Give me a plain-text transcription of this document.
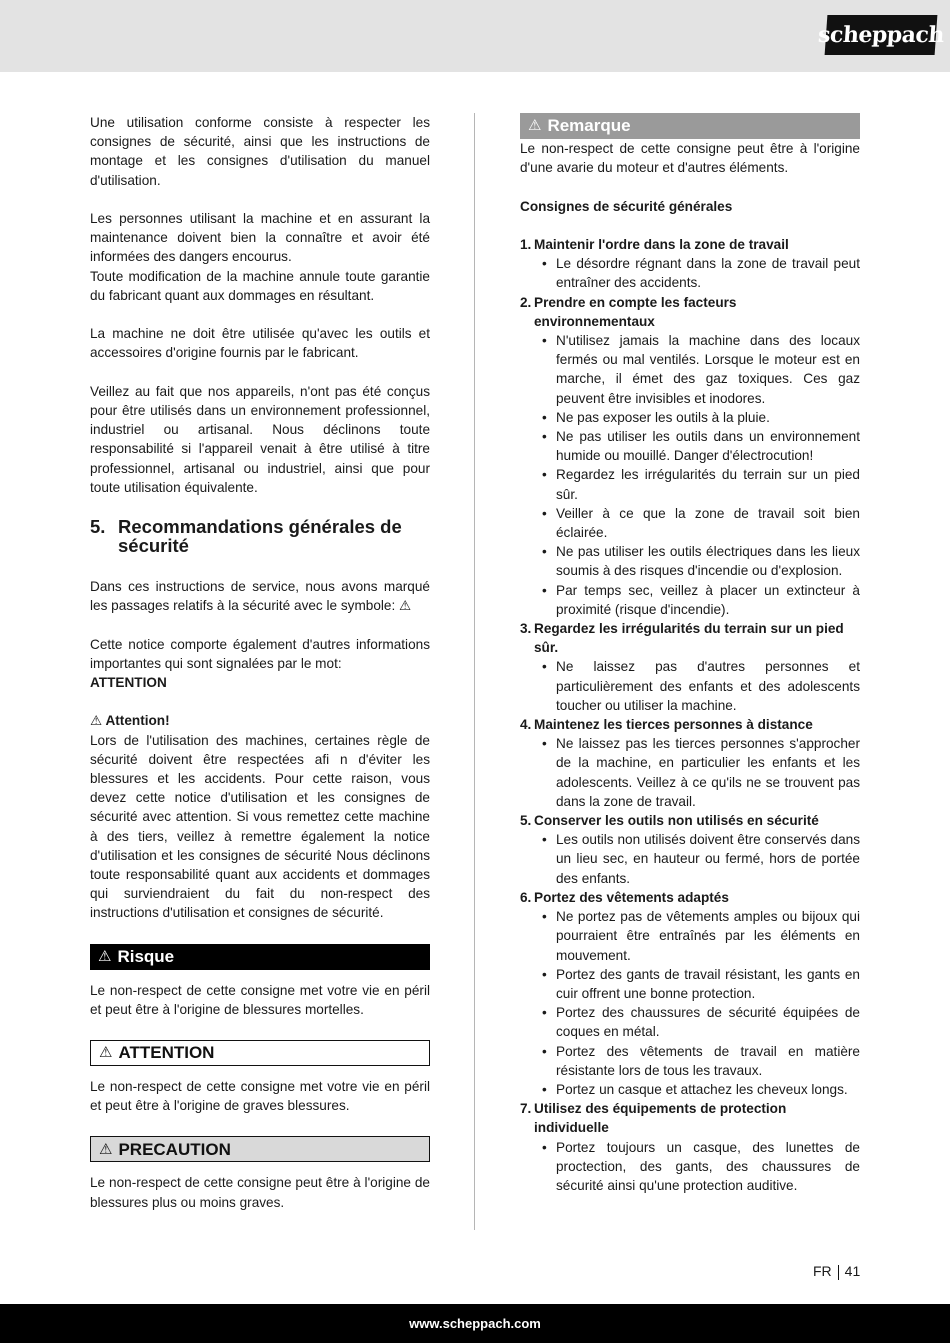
scheppach

Une utilisation conforme consiste à respecter les consignes de sécurité, ainsi que les instructions de montage et les consignes d'utilisation du manuel d'utilisation.

Les personnes utilisant la machine et en assurant la maintenance doivent bien la connaître et avoir été informées des dangers encourus.

Toute modification de la machine annule toute garantie du fabricant quant aux dommages en résultant.

La machine ne doit être utilisée qu'avec les outils et accessoires d'origine fournis par le fabricant.

Veillez au fait que nos appareils, n'ont pas été conçus pour être utilisés dans un environnement professionnel, industriel ou artisanal. Nous déclinons toute responsabilité si l'appareil venait à être utilisé à titre professionnel, artisanal ou industriel, ainsi que pour toute utilisation équivalente.

5. Recommandations générales de sécurité

Dans ces instructions de service, nous avons marqué les passages relatifs à la sécurité avec le symbole: ⚠

Cette notice comporte également d'autres informations importantes qui sont signalées par le mot:

ATTENTION

⚠ Attention!

Lors de l'utilisation des machines, certaines règle de sécurité doivent être respectées afi n d'éviter les blessures et les accidents. Pour cette raison, vous devez cette notice d'utilisation et les consignes de sécurité avec attention. Si vous remettez cette machine à des tiers, veillez à remettre également la notice d'utilisation et les consignes de sécurité Nous déclinons toute responsabilité quant aux accidents et dommages qui surviendraient du fait du non-respect des instructions d'utilisation et consignes de sécurité.

⚠ Risque

Le non-respect de cette consigne met votre vie en péril et peut être à l'origine de blessures mortelles.

⚠ ATTENTION

Le non-respect de cette consigne met votre vie en péril et peut être à l'origine de graves blessures.

⚠ PRECAUTION

Le non-respect de cette consigne peut être à l'origine de blessures plus ou moins graves.

⚠ Remarque

Le non-respect de cette consigne peut être à l'origine d'une avarie du moteur et d'autres éléments.

Consignes de sécurité générales

1. Maintenir l'ordre dans la zone de travail
• Le désordre régnant dans la zone de travail peut entraîner des accidents.
2. Prendre en compte les facteurs environnementaux
• N'utilisez jamais la machine dans des locaux fermés ou mal ventilés. Lorsque le moteur est en marche, il émet des gaz toxiques. Ces gaz peuvent être invisibles et inodores.
• Ne pas exposer les outils à la pluie.
• Ne pas utiliser les outils dans un environnement humide ou mouillé. Danger d'électrocution!
• Regardez les irrégularités du terrain sur un pied sûr.
• Veiller à ce que la zone de travail soit bien éclairée.
• Ne pas utiliser les outils électriques dans les lieux soumis à des risques d'incendie ou d'explosion.
• Par temps sec, veillez à placer un extincteur à proximité (risque d'incendie).
3. Regardez les irrégularités du terrain sur un pied sûr.
• Ne laissez pas d'autres personnes et particulièrement des enfants et des adolescents toucher ou utiliser la machine.
4. Maintenez les tierces personnes à distance
• Ne laissez pas les tierces personnes s'approcher de la machine, en particulier les enfants et les adolescents. Veillez à ce qu'ils ne se trouvent pas dans la zone de travail.
5. Conserver les outils non utilisés en sécurité
• Les outils non utilisés doivent être conservés dans un lieu sec, en hauteur ou fermé, hors de portée des enfants.
6. Portez des vêtements adaptés
• Ne portez pas de vêtements amples ou bijoux qui pourraient être entraînés par les éléments en mouvement.
• Portez des gants de travail résistant, les gants en cuir offrent une bonne protection.
• Portez des chaussures de sécurité équipées de coques en métal.
• Portez des vêtements de travail en matière résistante lors de tous les travaux.
• Portez un casque et attachez les cheveux longs.
7. Utilisez des équipements de protection individuelle
• Portez toujours un casque, des lunettes de proctection, des gants, des chaussures de sécurité ainsi qu'une protection auditive.
FR 41
www.scheppach.com
